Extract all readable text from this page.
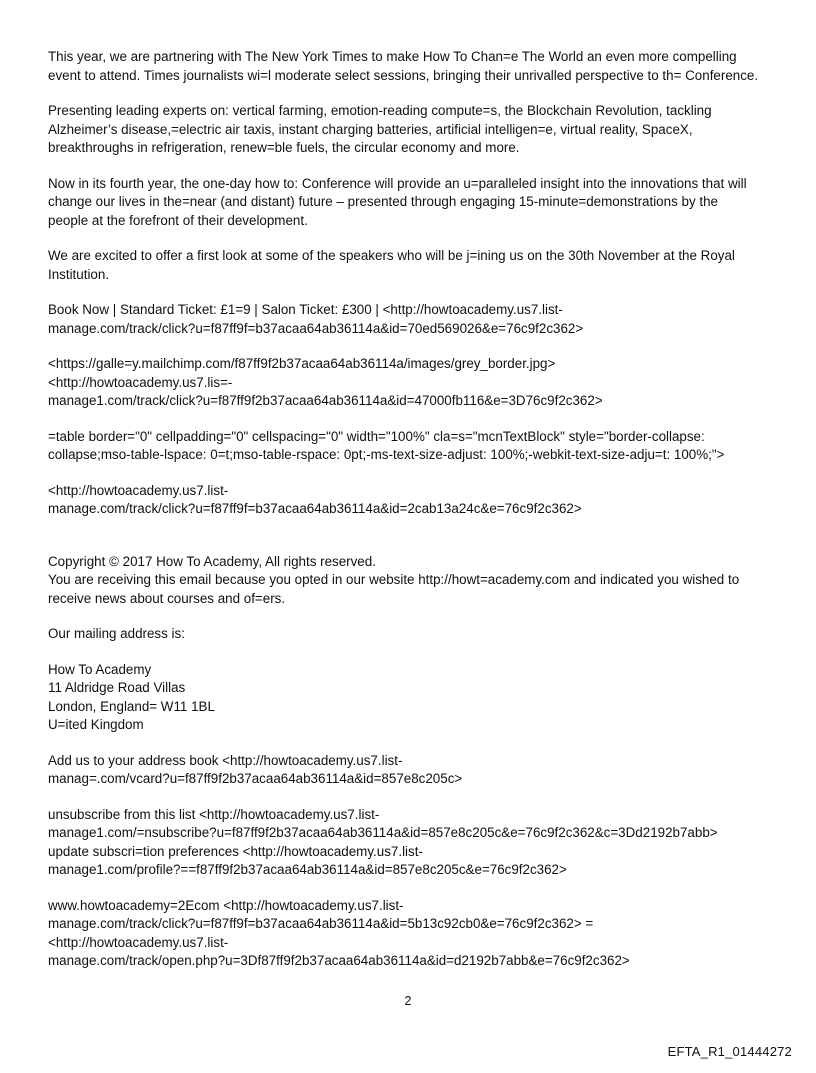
This year, we are partnering with The New York Times to make How To Chan=e The World an even more compelling
event to attend. Times journalists wi=l moderate select sessions, bringing their unrivalled perspective to th= Conference.

Presenting leading experts on: vertical farming, emotion-reading compute=s, the Blockchain Revolution, tackling
Alzheimer’s disease,=electric air taxis, instant charging batteries, artificial intelligen=e, virtual reality, SpaceX,
breakthroughs in refrigeration, renew=ble fuels, the circular economy and more.

Now in its fourth year, the one-day how to: Conference will provide an u=paralleled insight into the innovations that will
change our lives in the=near (and distant) future – presented through engaging 15-minute=demonstrations by the
people at the forefront of their development.

We are excited to offer a first look at some of the speakers who will be j=ining us on the 30th November at the Royal
Institution.

Book Now | Standard Ticket: £1=9 | Salon Ticket: £300 | <http://howtoacademy.us7.list-
manage.com/track/click?u=f87ff9f=b37acaa64ab36114a&id=70ed569026&e=76c9f2c362>

<https://galle=y.mailchimp.com/f87ff9f2b37acaa64ab36114a/images/grey_border.jpg>
<http://howtoacademy.us7.lis=-
manage1.com/track/click?u=f87ff9f2b37acaa64ab36114a&id=47000fb116&e=3D76c9f2c362>

=table border="0" cellpadding="0" cellspacing="0" width="100%" cla=s="mcnTextBlock" style="border-collapse:
collapse;mso-table-lspace: 0=t;mso-table-rspace: 0pt;-ms-text-size-adjust: 100%;-webkit-text-size-adju=t: 100%;">

<http://howtoacademy.us7.list-
manage.com/track/click?u=f87ff9f=b37acaa64ab36114a&id=2cab13a24c&e=76c9f2c362>

Copyright © 2017 How To Academy, All rights reserved.
You are receiving this email because you opted in our website http://howt=academy.com and indicated you wished to
receive news about courses and of=ers.

Our mailing address is:

How To Academy
11 Aldridge Road Villas
London, England= W11 1BL
U=ited Kingdom

Add us to your address book <http://howtoacademy.us7.list-
manag=.com/vcard?u=f87ff9f2b37acaa64ab36114a&id=857e8c205c>

unsubscribe from this list <http://howtoacademy.us7.list-
manage1.com/=nsubscribe?u=f87ff9f2b37acaa64ab36114a&id=857e8c205c&e=76c9f2c362&c=3Dd2192b7abb>
update subscri=tion preferences <http://howtoacademy.us7.list-
manage1.com/profile?==f87ff9f2b37acaa64ab36114a&id=857e8c205c&e=76c9f2c362>

www.howtoacademy=2Ecom <http://howtoacademy.us7.list-
manage.com/track/click?u=f87ff9f=b37acaa64ab36114a&id=5b13c92cb0&e=76c9f2c362> =
<http://howtoacademy.us7.list-
manage.com/track/open.php?u=3Df87ff9f2b37acaa64ab36114a&id=d2192b7abb&e=76c9f2c362>

2
EFTA_R1_01444272
